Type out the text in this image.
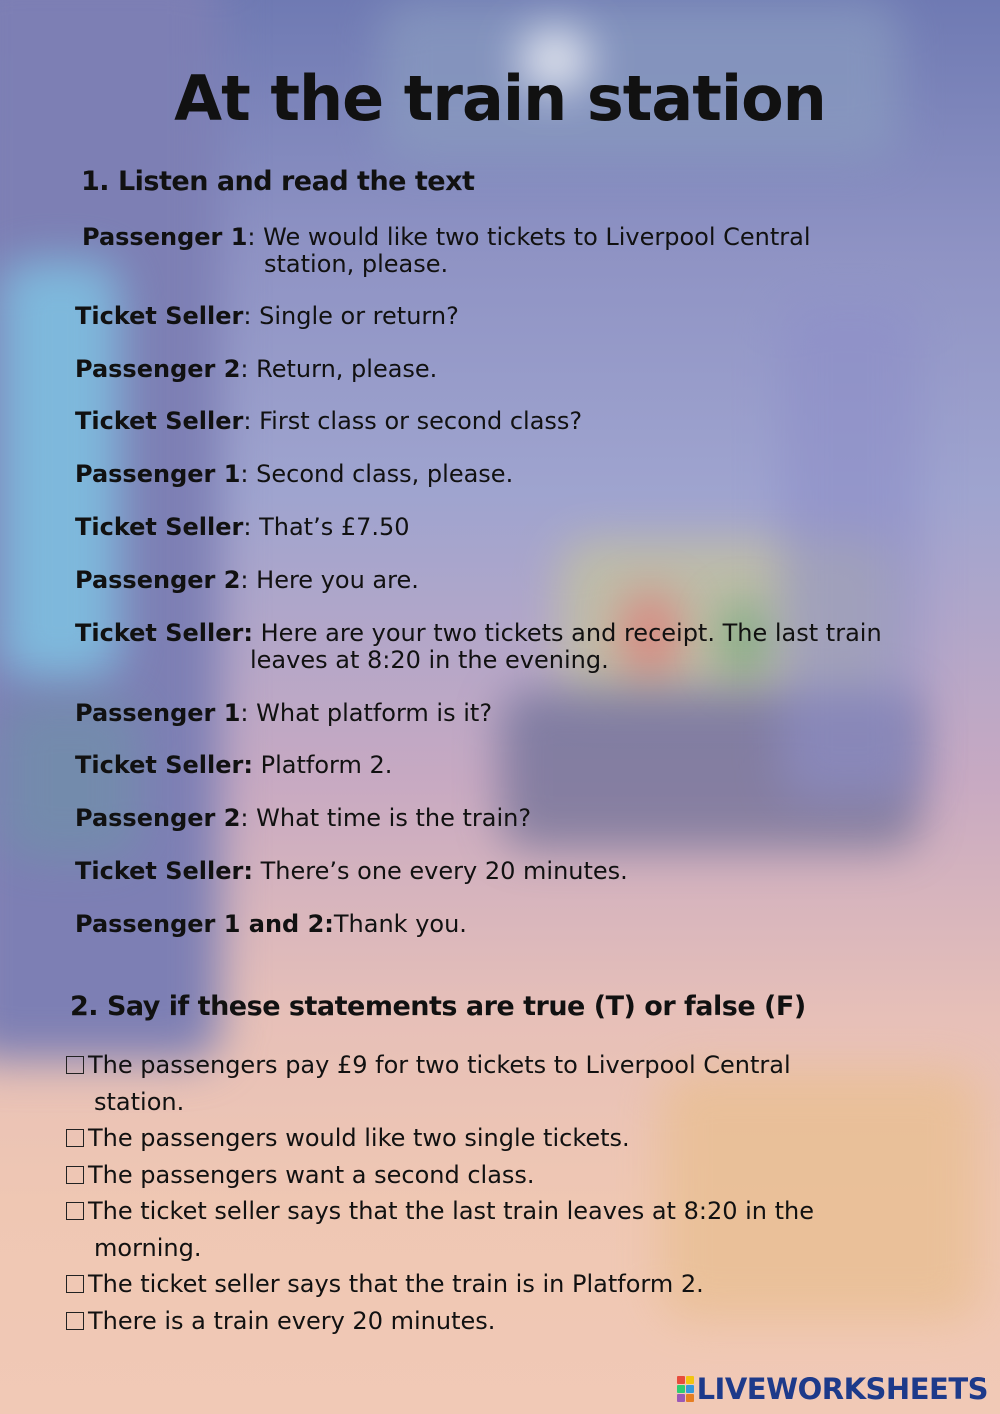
At the train station

1. Listen and read the text

Passenger 1: We would like two tickets to Liverpool Central

station, please.

Ticket Seller: Single or return?

Passenger 2: Return, please.

Ticket Seller: First class or second class?

Passenger 1: Second class, please.

Ticket Seller: That’s £7.50

Passenger 2: Here you are.

Ticket Seller: Here are your two tickets and receipt. The last train

leaves at 8:20 in the evening.

Passenger 1: What platform is it?

Ticket Seller: Platform 2.

Passenger 2: What time is the train?

Ticket Seller: There’s one every 20 minutes.

Passenger 1 and 2:Thank you.

2. Say if these statements are true (T) or false (F)

The passengers pay £9 for two tickets to Liverpool Central
station.

The passengers would like two single tickets.

The passengers want a second class.

The ticket seller says that the last train leaves at 8:20 in the
morning.

The ticket seller says that the train is in Platform 2.

There is a train every 20 minutes.

LIVEWORKSHEETS
